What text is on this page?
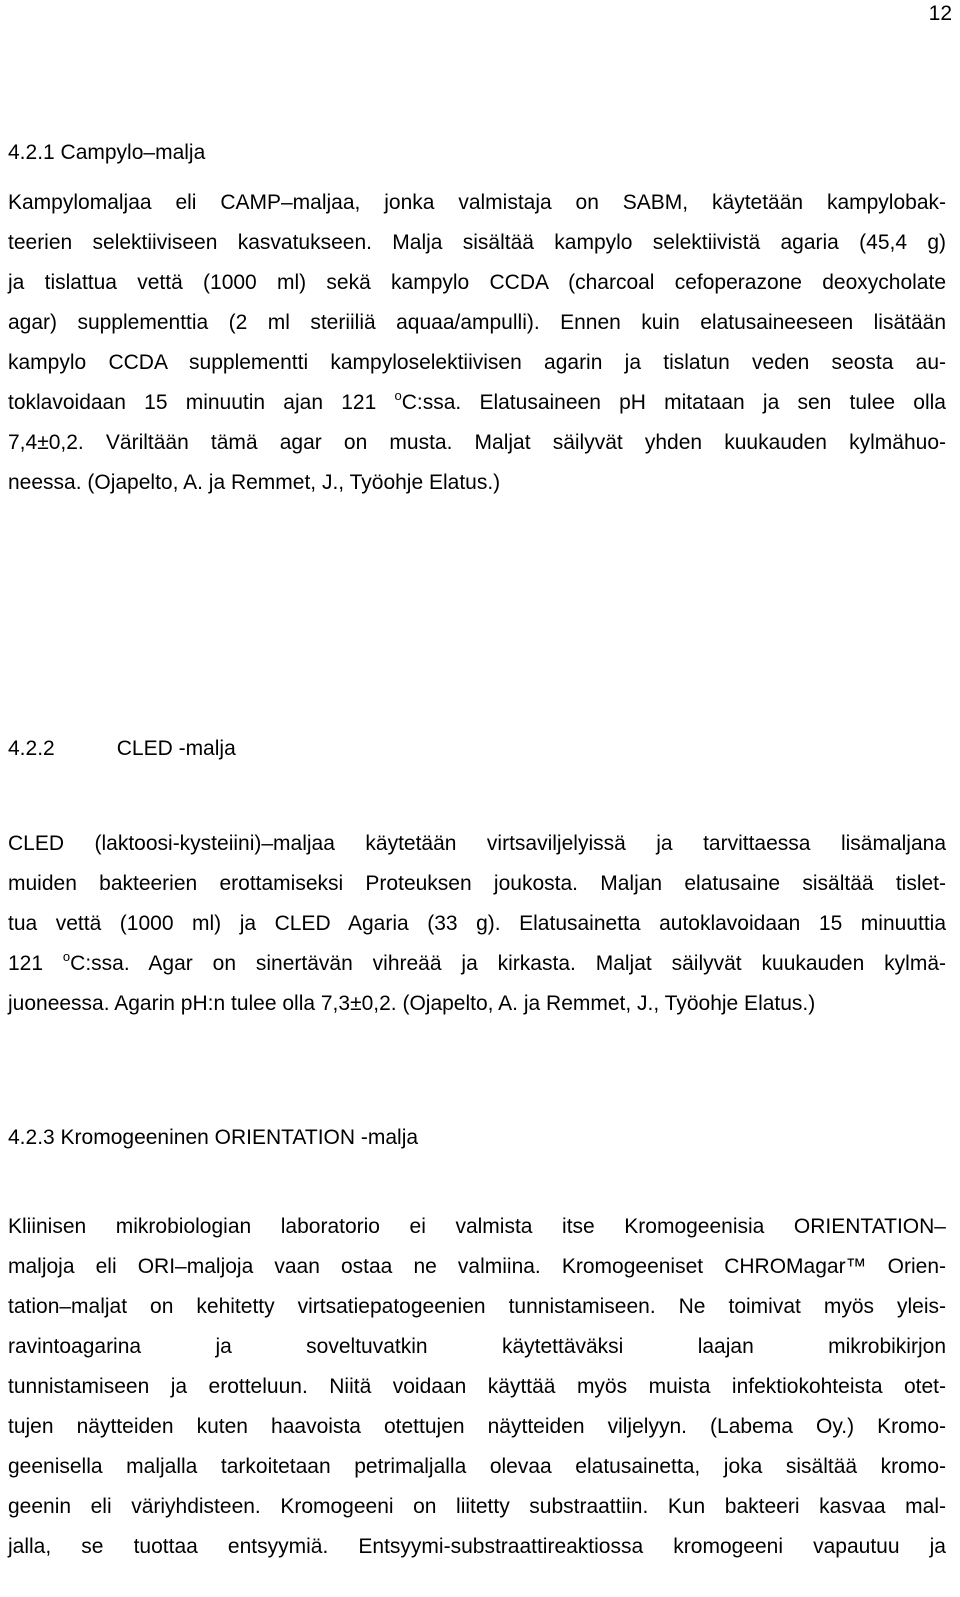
12
4.2.1 Campylo–malja
Kampylomaljaa eli CAMP–maljaa, jonka valmistaja on SABM, käytetään kampylobak-
teerien selektiiviseen kasvatukseen. Malja sisältää kampylo selektiivistä agaria (45,4 g)
ja tislattua vettä (1000 ml) sekä kampylo CCDA (charcoal cefoperazone deoxycholate
agar) supplementtia (2 ml steriiliä aquaa/ampulli). Ennen kuin elatusaineeseen lisätään
kampylo CCDA supplementti kampyloselektiivisen agarin ja tislatun veden seosta au-
toklavoidaan 15 minuutin ajan 121 $^o$C:ssa. Elatusaineen pH mitataan ja sen tulee olla
7,4±0,2. Väriltään tämä agar on musta. Maljat säilyvät yhden kuukauden kylmähuo-
neessa. (Ojapelto, A. ja Remmet, J., Työohje Elatus.)
4.2.2	CLED -malja
CLED (laktoosi-kysteiini)–maljaa käytetään virtsaviljelyissä ja tarvittaessa lisämaljana
muiden bakteerien erottamiseksi Proteuksen joukosta. Maljan elatusaine sisältää tislet-
tua vettä (1000 ml) ja CLED Agaria (33 g). Elatusainetta autoklavoidaan 15 minuuttia
121 $^o$C:ssa. Agar on sinertävän vihreää ja kirkasta. Maljat säilyvät kuukauden kylmä-
juoneessa. Agarin pH:n tulee olla 7,3±0,2. (Ojapelto, A. ja Remmet, J., Työohje Elatus.)
4.2.3 Kromogeeninen ORIENTATION -malja
Kliinisen mikrobiologian laboratorio ei valmista itse Kromogeenisia ORIENTATION–
maljoja eli ORI–maljoja vaan ostaa ne valmiina. Kromogeeniset CHROMagar™ Orien-
tation–maljat on kehitetty virtsatiepatogeenien tunnistamiseen. Ne toimivat myös yleis-
ravintoagarina ja soveltuvatkin käytettäväksi laajan mikrobikirjon
tunnistamiseen ja erotteluun. Niitä voidaan käyttää myös muista infektiokohteista otet-
tujen näytteiden kuten haavoista otettujen näytteiden viljelyyn. (Labema Oy.) Kromo-
geenisella maljalla tarkoitetaan petrimaljalla olevaa elatusainetta, joka sisältää kromo-
geenin eli väriyhdisteen. Kromogeeni on liitetty substraattiin. Kun bakteeri kasvaa mal-
jalla, se tuottaa entsyymiä. Entsyymi-substraattireaktiossa kromogeeni vapautuu ja
